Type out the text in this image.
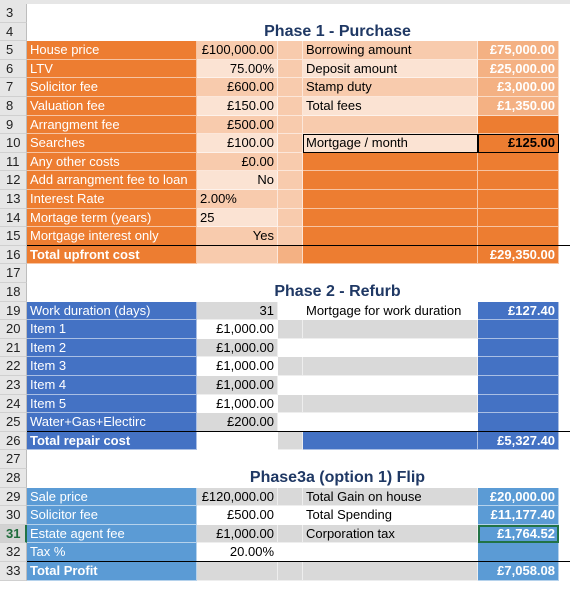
3
4	Phase 1 - Purchase
5	House price	£100,000.00	Borrowing amount	£75,000.00
6	LTV	75.00%	Deposit amount	£25,000.00
7	Solicitor fee	£600.00	Stamp duty	£3,000.00
8	Valuation fee	£150.00	Total fees	£1,350.00
9	Arrangment fee	£500.00
10 Searches	£100.00	Mortgage / month	£125.00
11 Any other costs	£0.00
12 Add arrangment fee to loan	No
13 Interest Rate	2.00%
14 Mortage term (years)	25
15 Mortgage interest only	Yes
16 Total upfront cost	£29,350.00
17
18	Phase 2 - Refurb
19 Work duration (days)	31	Mortgage for work duration	£127.40
20 Item 1	£1,000.00
21 Item 2	£1,000.00
22 Item 3	£1,000.00
23 Item 4	£1,000.00
24 Item 5	£1,000.00
25 Water+Gas+Electirc	£200.00
26 Total repair cost	£5,327.40
27
28	Phase3a (option 1) Flip
29 Sale price	£120,000.00	Total Gain on house	£20,000.00
30 Solicitor fee	£500.00	Total Spending	£11,177.40
31 Estate agent fee	£1,000.00	Corporation tax	£1,764.52
32 Tax %	20.00%
33 Total Profit	£7,058.08
